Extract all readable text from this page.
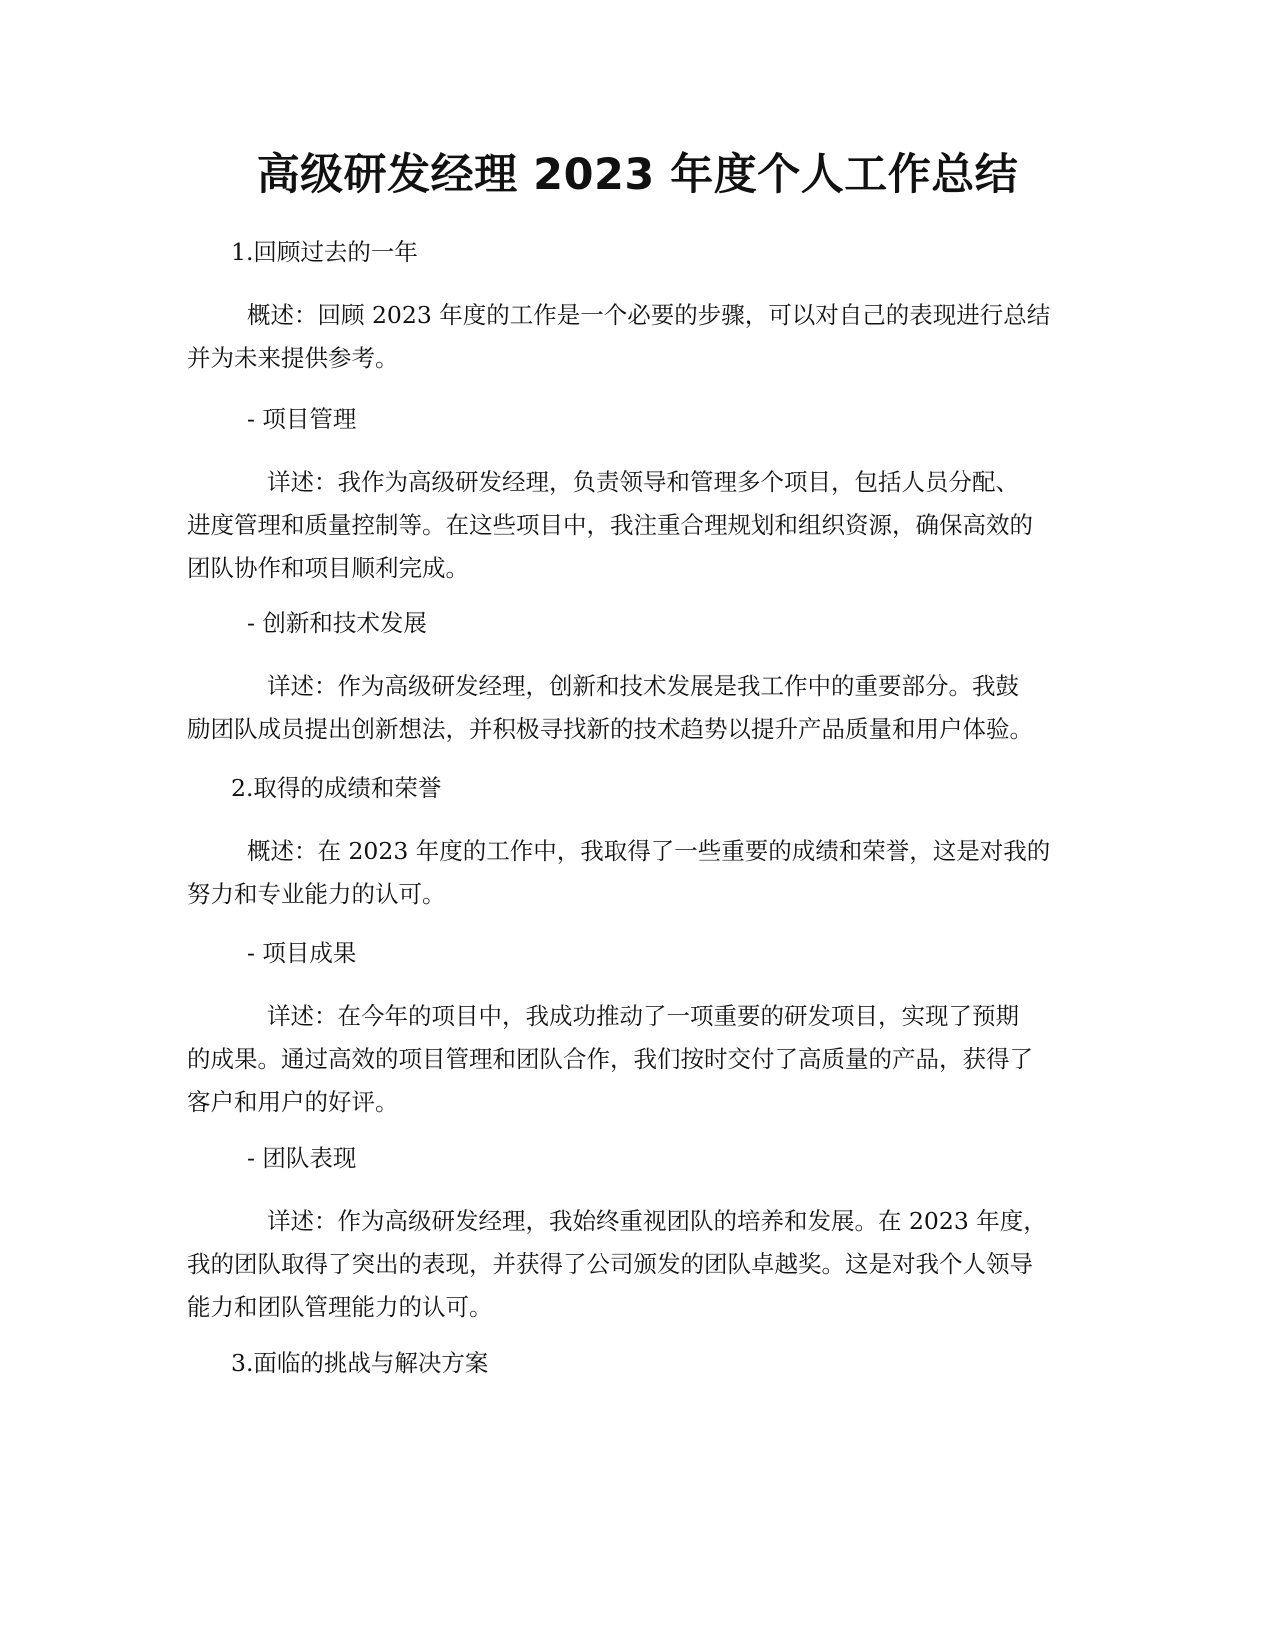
高级研发经理 2023 年度个人工作总结

1.回顾过去的一年

概述：回顾 2023 年度的工作是一个必要的步骤，可以对自己的表现进行总结
并为未来提供参考。

- 项目管理

详述：我作为高级研发经理，负责领导和管理多个项目，包括人员分配、
进度管理和质量控制等。在这些项目中，我注重合理规划和组织资源，确保高效的
团队协作和项目顺利完成。

- 创新和技术发展

详述：作为高级研发经理，创新和技术发展是我工作中的重要部分。我鼓
励团队成员提出创新想法，并积极寻找新的技术趋势以提升产品质量和用户体验。

2.取得的成绩和荣誉

概述：在 2023 年度的工作中，我取得了一些重要的成绩和荣誉，这是对我的
努力和专业能力的认可。

- 项目成果

详述：在今年的项目中，我成功推动了一项重要的研发项目，实现了预期
的成果。通过高效的项目管理和团队合作，我们按时交付了高质量的产品，获得了
客户和用户的好评。

- 团队表现

详述：作为高级研发经理，我始终重视团队的培养和发展。在 2023 年度，
我的团队取得了突出的表现，并获得了公司颁发的团队卓越奖。这是对我个人领导
能力和团队管理能力的认可。

3.面临的挑战与解决方案
